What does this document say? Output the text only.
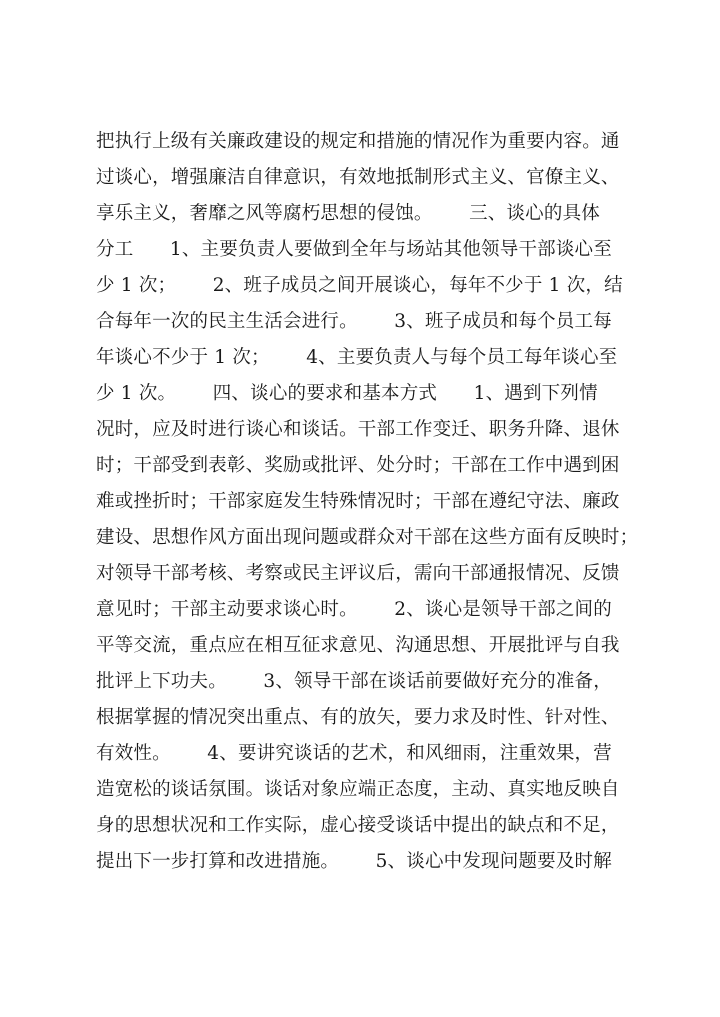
把执行上级有关廉政建设的规定和措施的情况作为重要内容。通
过谈心，增强廉洁自律意识，有效地抵制形式主义、官僚主义、
享乐主义，奢靡之风等腐朽思想的侵蚀。      三、谈心的具体
分工      1、主要负责人要做到全年与场站其他领导干部谈心至
少 1 次；      2、班子成员之间开展谈心，每年不少于 1 次，结
合每年一次的民主生活会进行。      3、班子成员和每个员工每
年谈心不少于 1 次；      4、主要负责人与每个员工每年谈心至
少 1 次。      四、谈心的要求和基本方式      1、遇到下列情
况时，应及时进行谈心和谈话。干部工作变迁、职务升降、退休
时；干部受到表彰、奖励或批评、处分时；干部在工作中遇到困
难或挫折时；干部家庭发生特殊情况时；干部在遵纪守法、廉政
建设、思想作风方面出现问题或群众对干部在这些方面有反映时；
对领导干部考核、考察或民主评议后，需向干部通报情况、反馈
意见时；干部主动要求谈心时。      2、谈心是领导干部之间的
平等交流，重点应在相互征求意见、沟通思想、开展批评与自我
批评上下功夫。      3、领导干部在谈话前要做好充分的准备，
根据掌握的情况突出重点、有的放矢，要力求及时性、针对性、
有效性。      4、要讲究谈话的艺术，和风细雨，注重效果，营
造宽松的谈话氛围。谈话对象应端正态度，主动、真实地反映自
身的思想状况和工作实际，虚心接受谈话中提出的缺点和不足，
提出下一步打算和改进措施。      5、谈心中发现问题要及时解
